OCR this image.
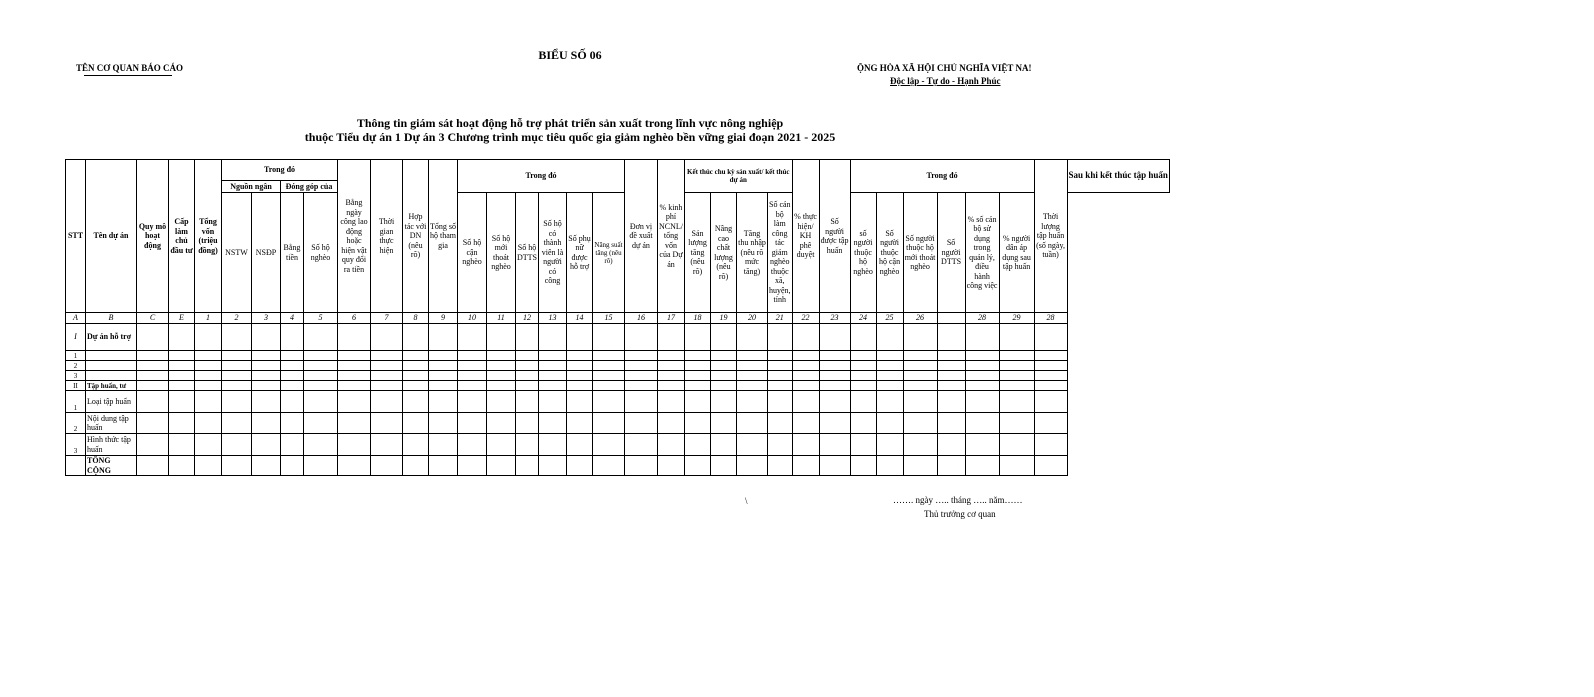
BIỂU SỐ 06
TÊN CƠ QUAN BÁO CÁO	ỘNG HÒA XÃ HỘI CHỦ NGHĨA VIỆT NA!
Độc lập - Tự do - Hạnh Phúc
Thông tin giám sát hoạt động hỗ trợ phát triển sản xuất trong lĩnh vực nông nghiệp
thuộc Tiểu dự án 1 Dự án 3 Chương trình mục tiêu quốc gia giảm nghèo bền vững giai đoạn 2021 - 2025
STT	Tên dự án	Quy mô hoạt động	Cấp làm chủ đầu tư	Tổng vốn (triệu đồng)	Trong đó				Bằng ngày công lao động hoặc hiện vật quy đổi ra tiền	Thời gian thực hiện	Hợp tác với DN (nêu rõ)	Tổng số hộ tham gia	Trong đó						Đơn vị đề xuất dự án	% kinh phí NCNL/ tổng vốn của Dự án	Kết thúc chu kỳ sản xuất/ kết thúc dự án				% thực hiện/ KH phê duyệt	Số người được tập huấn	Trong đó						Thời lượng tập huấn (số ngày, tuần)	Sau khi kết thúc tập huấn
					Nguồn ngân		Đóng góp của																											
					NSTW	NSĐP	Bằng tiền	Số hộ nghèo					Số hộ cận nghèo	Số hộ mới thoát nghèo	Số hộ DTTS	Số hộ có thành viên là người có công	Số phụ nữ được hỗ trợ	Năng suất tăng (nêu rõ)			Sản lượng tăng (nêu rõ)	Nâng cao chất lượng (nêu rõ)	Tăng thu nhập (nêu rõ mức tăng)	Số cán bộ làm công tác giảm nghèo thuộc xã, huyện, tỉnh			số người thuộc hộ nghèo	Số người thuộc hộ cận nghèo	Số người thuộc hộ mới thoát nghèo	Số người DTTS	% số cán bộ sử dụng trong quản lý, điều hành công việc	% người dân áp dụng sau tập huấn		
A	B	C	E	1	2	3	4	5	6	7	8	9	10	11	12	13	14	15	16	17	18	19	20	21	22	23	24	25	26		28	29	28	
I	Dự án hỗ trợ																																	
1																																		
2																																		
3																																		
II	Tập huấn, tư																																	
1	Loại tập huấn																																	
2	Nội dung tập huấn																																	
3	Hình thức tập huấn																																	
	TỔNG CỘNG																																	
\	……. ngày ….. tháng ….. năm……
Thủ trưởng cơ quan
